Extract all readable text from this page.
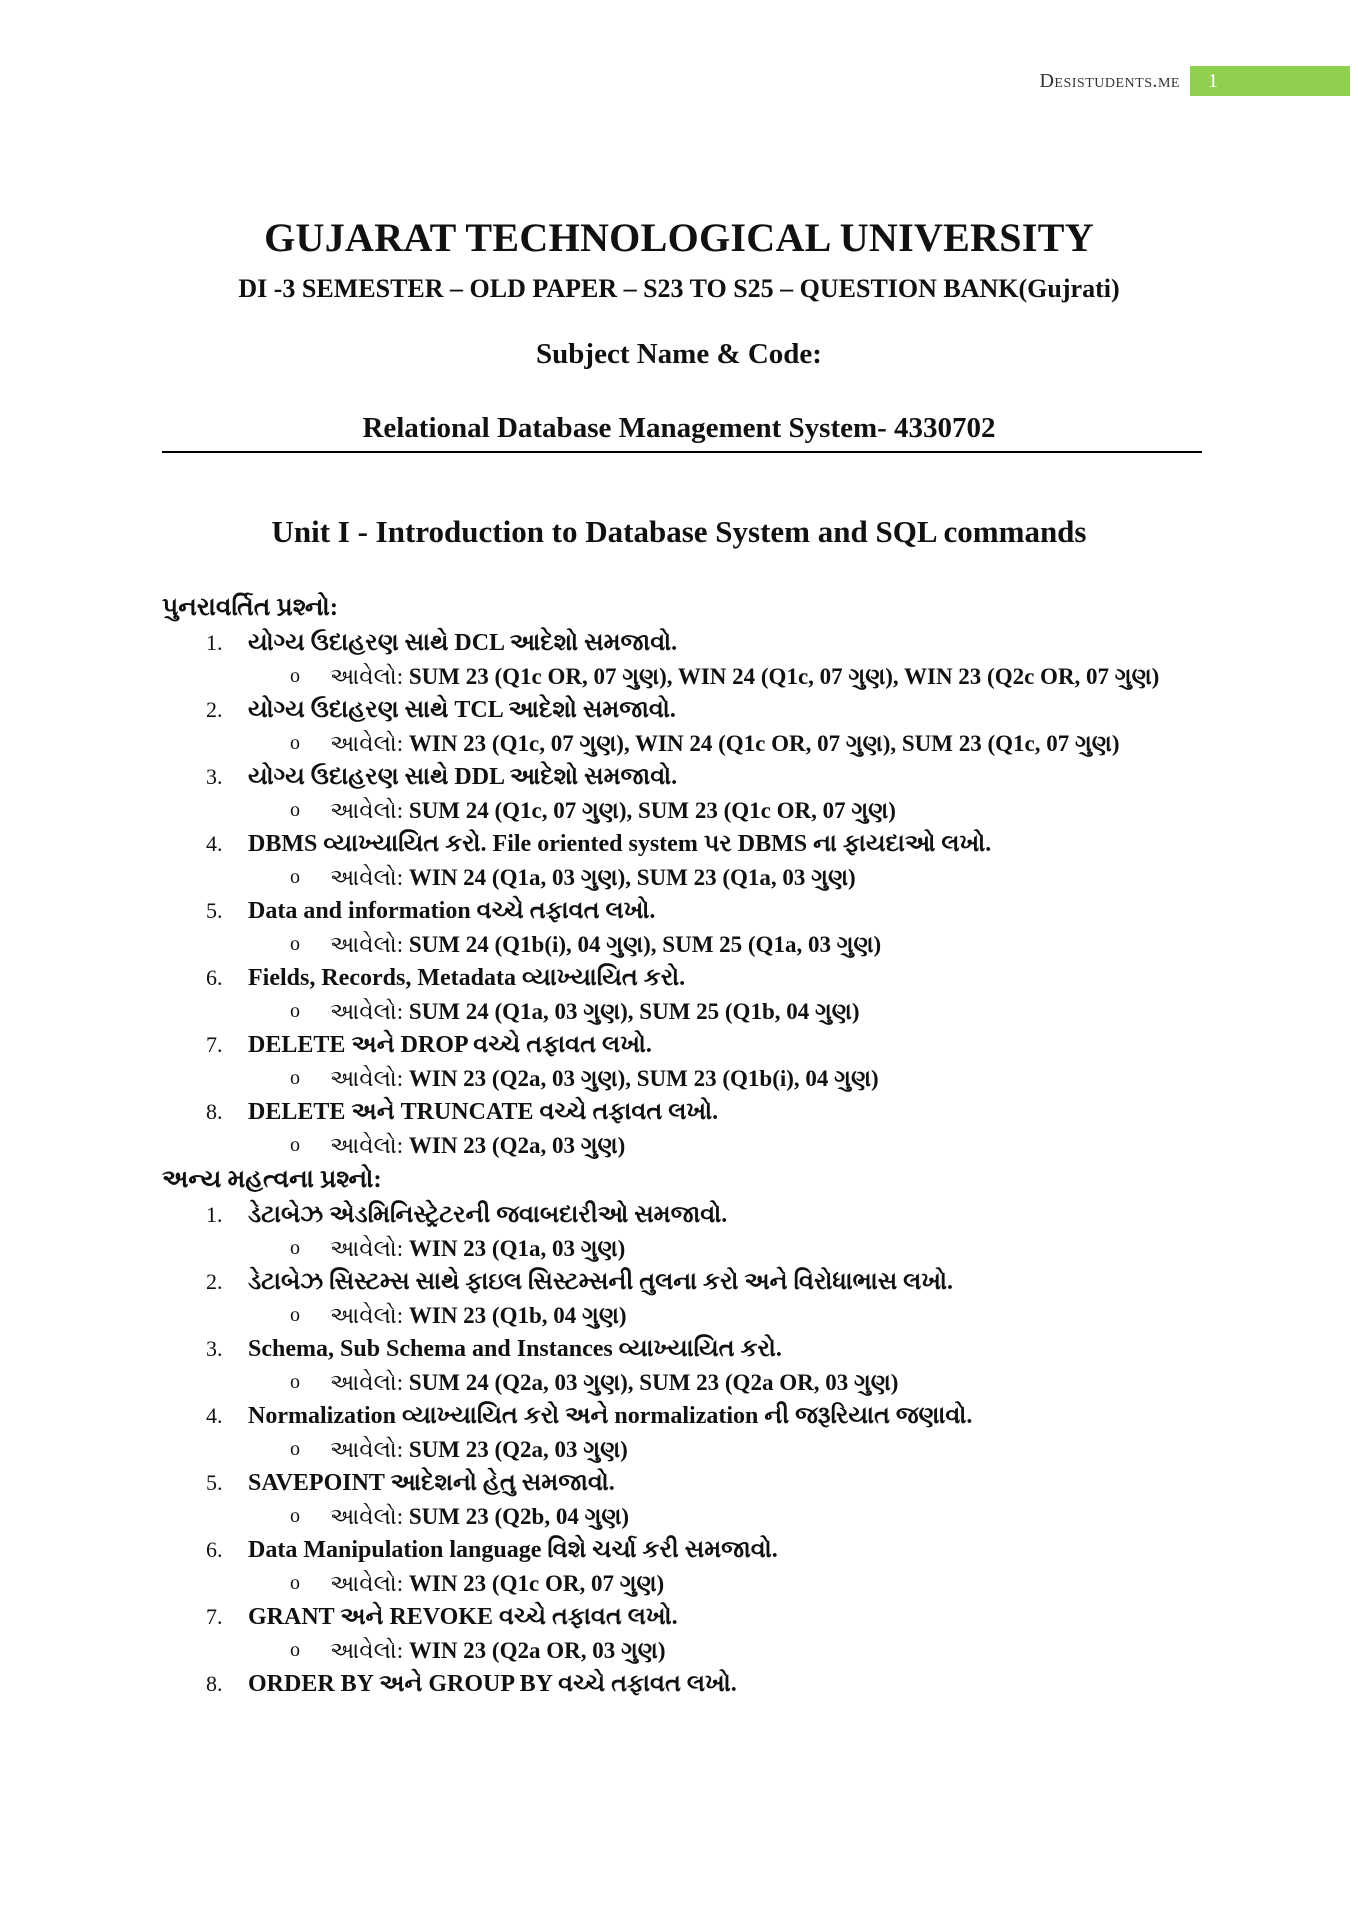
Desistudents.me	1
GUJARAT TECHNOLOGICAL UNIVERSITY
DI -3 SEMESTER – OLD PAPER – S23 TO S25 – QUESTION BANK(Gujrati)
Subject Name & Code:
Relational Database Management System- 4330702
Unit I - Introduction to Database System and SQL commands
પુનરાવર્તિત પ્રશ્નો:
1. યોગ્ય ઉદાહરણ સાથે DCL આદેશો સમજાવો.
o આવેલો: SUM 23 (Q1c OR, 07 ગુણ), WIN 24 (Q1c, 07 ગુણ), WIN 23 (Q2c OR, 07 ગુણ)
2. યોગ્ય ઉદાહરણ સાથે TCL આદેશો સમજાવો.
o આવેલો: WIN 23 (Q1c, 07 ગુણ), WIN 24 (Q1c OR, 07 ગુણ), SUM 23 (Q1c, 07 ગુણ)
3. યોગ્ય ઉદાહરણ સાથે DDL આદેશો સમજાવો.
o આવેલો: SUM 24 (Q1c, 07 ગુણ), SUM 23 (Q1c OR, 07 ગુણ)
4. DBMS વ્યાખ્યાયિત કરો. File oriented system પર DBMS ના ફાયદાઓ લખો.
o આવેલો: WIN 24 (Q1a, 03 ગુણ), SUM 23 (Q1a, 03 ગુણ)
5. Data and information વચ્ચે તફાવત લખો.
o આવેલો: SUM 24 (Q1b(i), 04 ગુણ), SUM 25 (Q1a, 03 ગુણ)
6. Fields, Records, Metadata વ્યાખ્યાયિત કરો.
o આવેલો: SUM 24 (Q1a, 03 ગુણ), SUM 25 (Q1b, 04 ગુણ)
7. DELETE અને DROP વચ્ચે તફાવત લખો.
o આવેલો: WIN 23 (Q2a, 03 ગુણ), SUM 23 (Q1b(i), 04 ગુણ)
8. DELETE અને TRUNCATE વચ્ચે તફાવત લખો.
o આવેલો: WIN 23 (Q2a, 03 ગુણ)
અન્ય મહત્વના પ્રશ્નો:
1. ડેટાબેઝ એડમિનિસ્ટ્રેટરની જવાબદારીઓ સમજાવો.
o આવેલો: WIN 23 (Q1a, 03 ગુણ)
2. ડેટાબેઝ સિસ્ટમ્સ સાથે ફાઇલ સિસ્ટમ્સની તુલના કરો અને વિરોધાભાસ લખો.
o આવેલો: WIN 23 (Q1b, 04 ગુણ)
3. Schema, Sub Schema and Instances વ્યાખ્યાયિત કરો.
o આવેલો: SUM 24 (Q2a, 03 ગુણ), SUM 23 (Q2a OR, 03 ગુણ)
4. Normalization વ્યાખ્યાયિત કરો અને normalization ની જરૂરિયાત જણાવો.
o આવેલો: SUM 23 (Q2a, 03 ગુણ)
5. SAVEPOINT આદેશનો હેતુ સમજાવો.
o આવેલો: SUM 23 (Q2b, 04 ગુણ)
6. Data Manipulation language વિશે ચર્ચા કરી સમજાવો.
o આવેલો: WIN 23 (Q1c OR, 07 ગુણ)
7. GRANT અને REVOKE વચ્ચે તફાવત લખો.
o આવેલો: WIN 23 (Q2a OR, 03 ગુણ)
8. ORDER BY અને GROUP BY વચ્ચે તફાવત લખો.
